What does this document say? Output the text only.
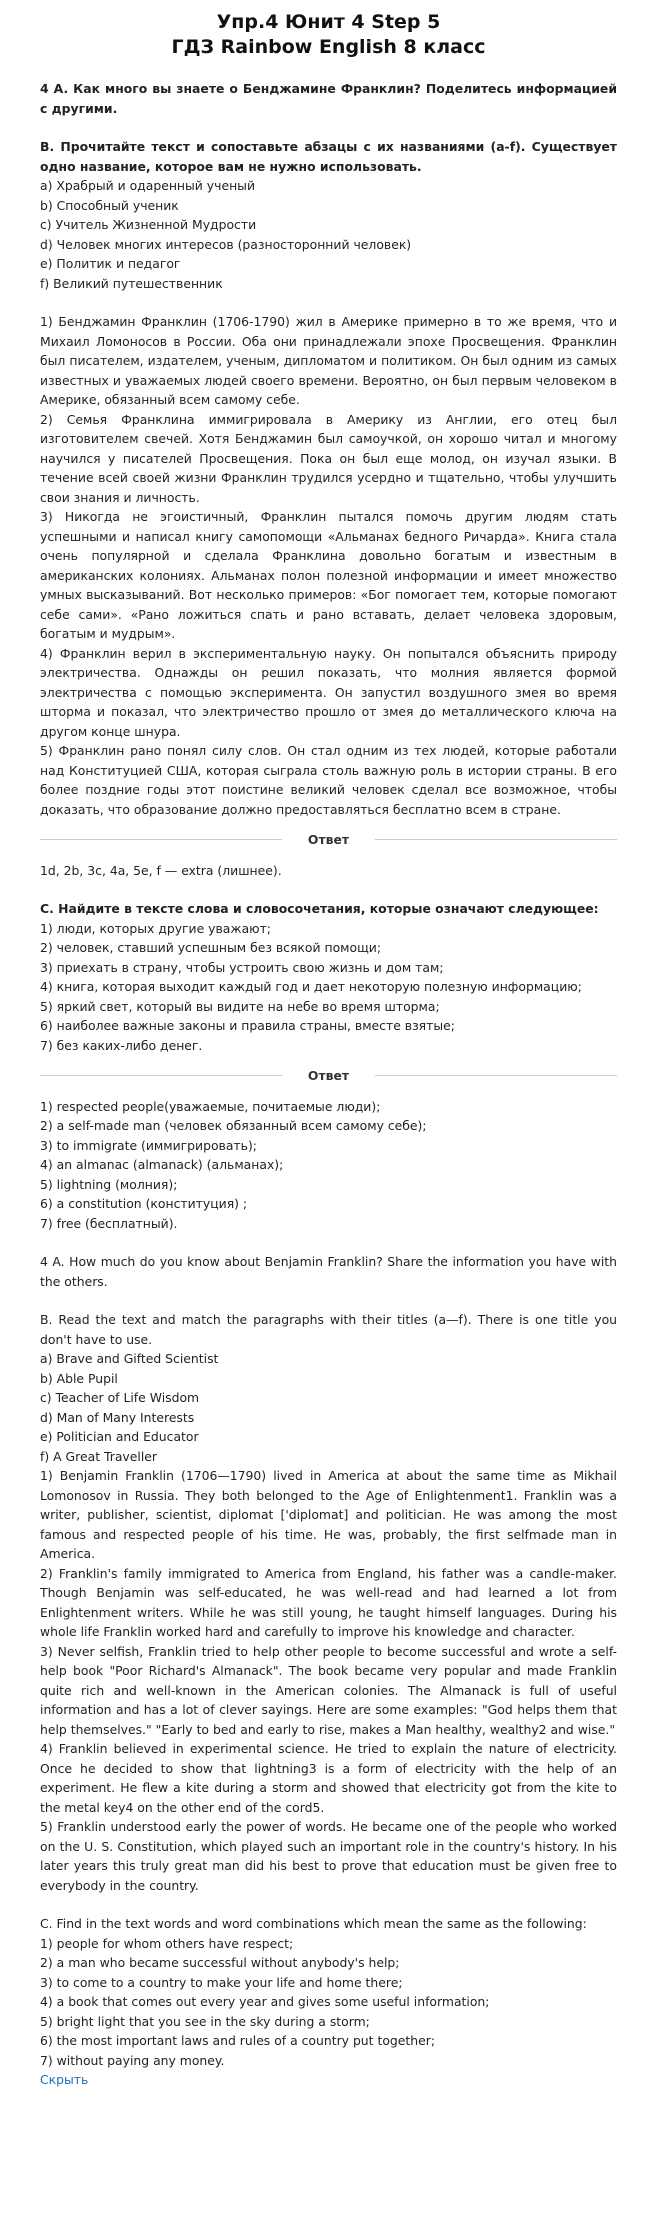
Упр.4 Юнит 4 Step 5
ГДЗ Rainbow English 8 класс

4 A. Как много вы знаете о Бенджамине Франклин? Поделитесь информацией с другими.

B. Прочитайте текст и сопоставьте абзацы с их названиями (a-f). Существует одно название, которое вам не нужно использовать.

a) Храбрый и одаренный ученый
b) Способный ученик
c) Учитель Жизненной Мудрости
d) Человек многих интересов (разносторонний человек)
e) Политик и педагог
f) Великий путешественник

1) Бенджамин Франклин (1706-1790) жил в Америке примерно в то же время, что и Михаил Ломоносов в России. Оба они принадлежали эпохе Просвещения. Франклин был писателем, издателем, ученым, дипломатом и политиком. Он был одним из самых известных и уважаемых людей своего времени. Вероятно, он был первым человеком в Америке, обязанный всем самому себе.

2) Семья Франклина иммигрировала в Америку из Англии, его отец был изготовителем свечей. Хотя Бенджамин был самоучкой, он хорошо читал и многому научился у писателей Просвещения. Пока он был еще молод, он изучал языки. В течение всей своей жизни Франклин трудился усердно и тщательно, чтобы улучшить свои знания и личность.

3) Никогда не эгоистичный, Франклин пытался помочь другим людям стать успешными и написал книгу самопомощи «Альманах бедного Ричарда». Книга стала очень популярной и сделала Франклина довольно богатым и известным в американских колониях. Альманах полон полезной информации и имеет множество умных высказываний. Вот несколько примеров: «Бог помогает тем, которые помогают себе сами». «Рано ложиться спать и рано вставать, делает человека здоровым, богатым и мудрым».

4) Франклин верил в экспериментальную науку. Он попытался объяснить природу электричества. Однажды он решил показать, что молния является формой электричества с помощью эксперимента. Он запустил воздушного змея во время шторма и показал, что электричество прошло от змея до металлического ключа на другом конце шнура.

5) Франклин рано понял силу слов. Он стал одним из тех людей, которые работали над Конституцией США, которая сыграла столь важную роль в истории страны. В его более поздние годы этот поистине великий человек сделал все возможное, чтобы доказать, что образование должно предоставляться бесплатно всем в стране.

Ответ

1d, 2b, 3c, 4a, 5e, f — extra (лишнее).

C. Найдите в тексте слова и словосочетания, которые означают следующее:

1) люди, которых другие уважают;
2) человек, ставший успешным без всякой помощи;
3) приехать в страну, чтобы устроить свою жизнь и дом там;
4) книга, которая выходит каждый год и дает некоторую полезную информацию;
5) яркий свет, который вы видите на небе во время шторма;
6) наиболее важные законы и правила страны, вместе взятые;
7) без каких-либо денег.
Ответ
1) respected people(уважаемые, почитаемые люди);
2) a self-made man (человек обязанный всем самому себе);
3) to immigrate (иммигрировать);
4) an almanac (almanack) (альманах);
5) lightning (молния);
6) a constitution (конституция) ;
7) free (бесплатный).

4 A. How much do you know about Benjamin Franklin? Share the information you have with the others.

B. Read the text and match the paragraphs with their titles (a—f). There is one title you don't have to use.

a) Brave and Gifted Scientist
b) Able Pupil
c) Teacher of Life Wisdom
d) Man of Many Interests
e) Politician and Educator
f) A Great Traveller

1) Benjamin Franklin (1706—1790) lived in America at about the same time as Mikhail Lomonosov in Russia. They both belonged to the Age of Enlightenment1. Franklin was a writer, publisher, scientist, diplomat ['diplomat] and politician. He was among the most famous and respected people of his time. He was, probably, the first selfmade man in America.

2) Franklin's family immigrated to America from England, his father was a candle-maker. Though Benjamin was self-educated, he was well-read and had learned a lot from Enlightenment writers. While he was still young, he taught himself languages. During his whole life Franklin worked hard and carefully to improve his knowledge and character.

3) Never selfish, Franklin tried to help other people to become successful and wrote a self-help book "Poor Richard's Almanack". The book became very popular and made Franklin quite rich and well-known in the American colonies. The Almanack is full of useful information and has a lot of clever sayings. Here are some examples: "God helps them that help themselves." "Early to bed and early to rise, makes a Man healthy, wealthy2 and wise."

4) Franklin believed in experimental science. He tried to explain the nature of electricity. Once he decided to show that lightning3 is a form of electricity with the help of an experiment. He flew a kite during a storm and showed that electricity got from the kite to the metal key4 on the other end of the cord5.

5) Franklin understood early the power of words. He became one of the people who worked on the U. S. Constitution, which played such an important role in the country's history. In his later years this truly great man did his best to prove that education must be given free to everybody in the country.

C. Find in the text words and word combinations which mean the same as the following:

1) people for whom others have respect;
2) a man who became successful without anybody's help;
3) to come to a country to make your life and home there;
4) a book that comes out every year and gives some useful information;
5) bright light that you see in the sky during a storm;
6) the most important laws and rules of a country put together;
7) without paying any money.
Скрыть
